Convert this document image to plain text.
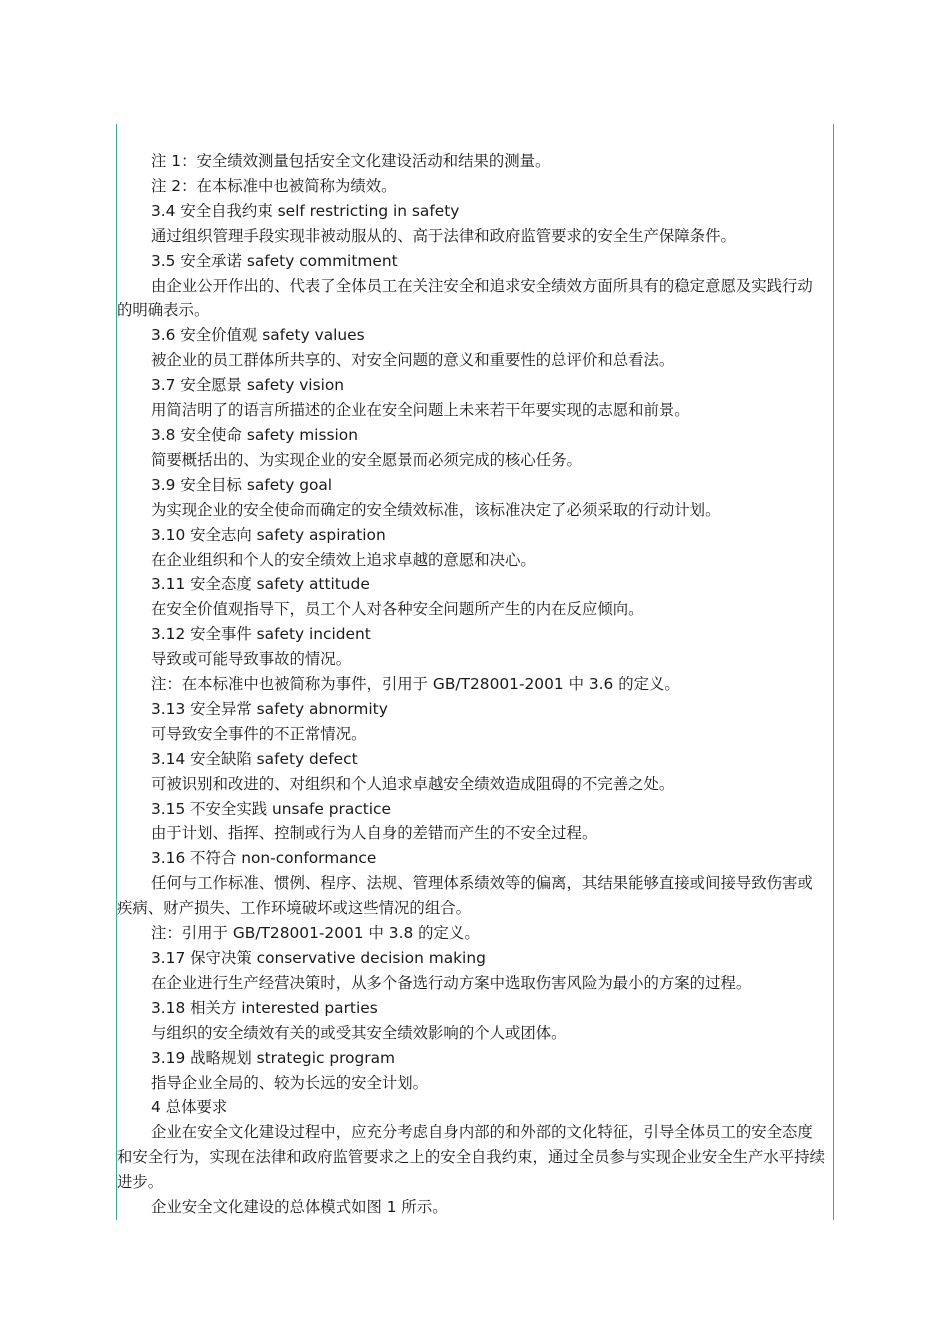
注 1：安全绩效测量包括安全文化建设活动和结果的测量。

注 2：在本标准中也被简称为绩效。

3.4 安全自我约束 self restricting in safety

通过组织管理手段实现非被动服从的、高于法律和政府监管要求的安全生产保障条件。

3.5 安全承诺 safety commitment

由企业公开作出的、代表了全体员工在关注安全和追求安全绩效方面所具有的稳定意愿及实践行动的明确表示。

3.6 安全价值观 safety values

被企业的员工群体所共享的、对安全问题的意义和重要性的总评价和总看法。

3.7 安全愿景 safety vision

用简洁明了的语言所描述的企业在安全问题上未来若干年要实现的志愿和前景。

3.8 安全使命 safety mission

简要概括出的、为实现企业的安全愿景而必须完成的核心任务。

3.9 安全目标 safety goal

为实现企业的安全使命而确定的安全绩效标准，该标准决定了必须采取的行动计划。

3.10 安全志向 safety aspiration

在企业组织和个人的安全绩效上追求卓越的意愿和决心。

3.11 安全态度 safety attitude

在安全价值观指导下，员工个人对各种安全问题所产生的内在反应倾向。

3.12 安全事件 safety incident

导致或可能导致事故的情况。

注：在本标准中也被简称为事件，引用于 GB/T28001-2001 中 3.6 的定义。

3.13 安全异常 safety abnormity

可导致安全事件的不正常情况。

3.14 安全缺陷 safety defect

可被识别和改进的、对组织和个人追求卓越安全绩效造成阻碍的不完善之处。

3.15 不安全实践 unsafe practice

由于计划、指挥、控制或行为人自身的差错而产生的不安全过程。

3.16 不符合 non-conformance

任何与工作标准、惯例、程序、法规、管理体系绩效等的偏离，其结果能够直接或间接导致伤害或疾病、财产损失、工作环境破坏或这些情况的组合。

注：引用于 GB/T28001-2001 中 3.8 的定义。

3.17 保守决策 conservative decision making

在企业进行生产经营决策时，从多个备选行动方案中选取伤害风险为最小的方案的过程。

3.18 相关方 interested parties

与组织的安全绩效有关的或受其安全绩效影响的个人或团体。

3.19 战略规划 strategic program

指导企业全局的、较为长远的安全计划。

4 总体要求

企业在安全文化建设过程中，应充分考虑自身内部的和外部的文化特征，引导全体员工的安全态度和安全行为，实现在法律和政府监管要求之上的安全自我约束，通过全员参与实现企业安全生产水平持续进步。

企业安全文化建设的总体模式如图 1 所示。
